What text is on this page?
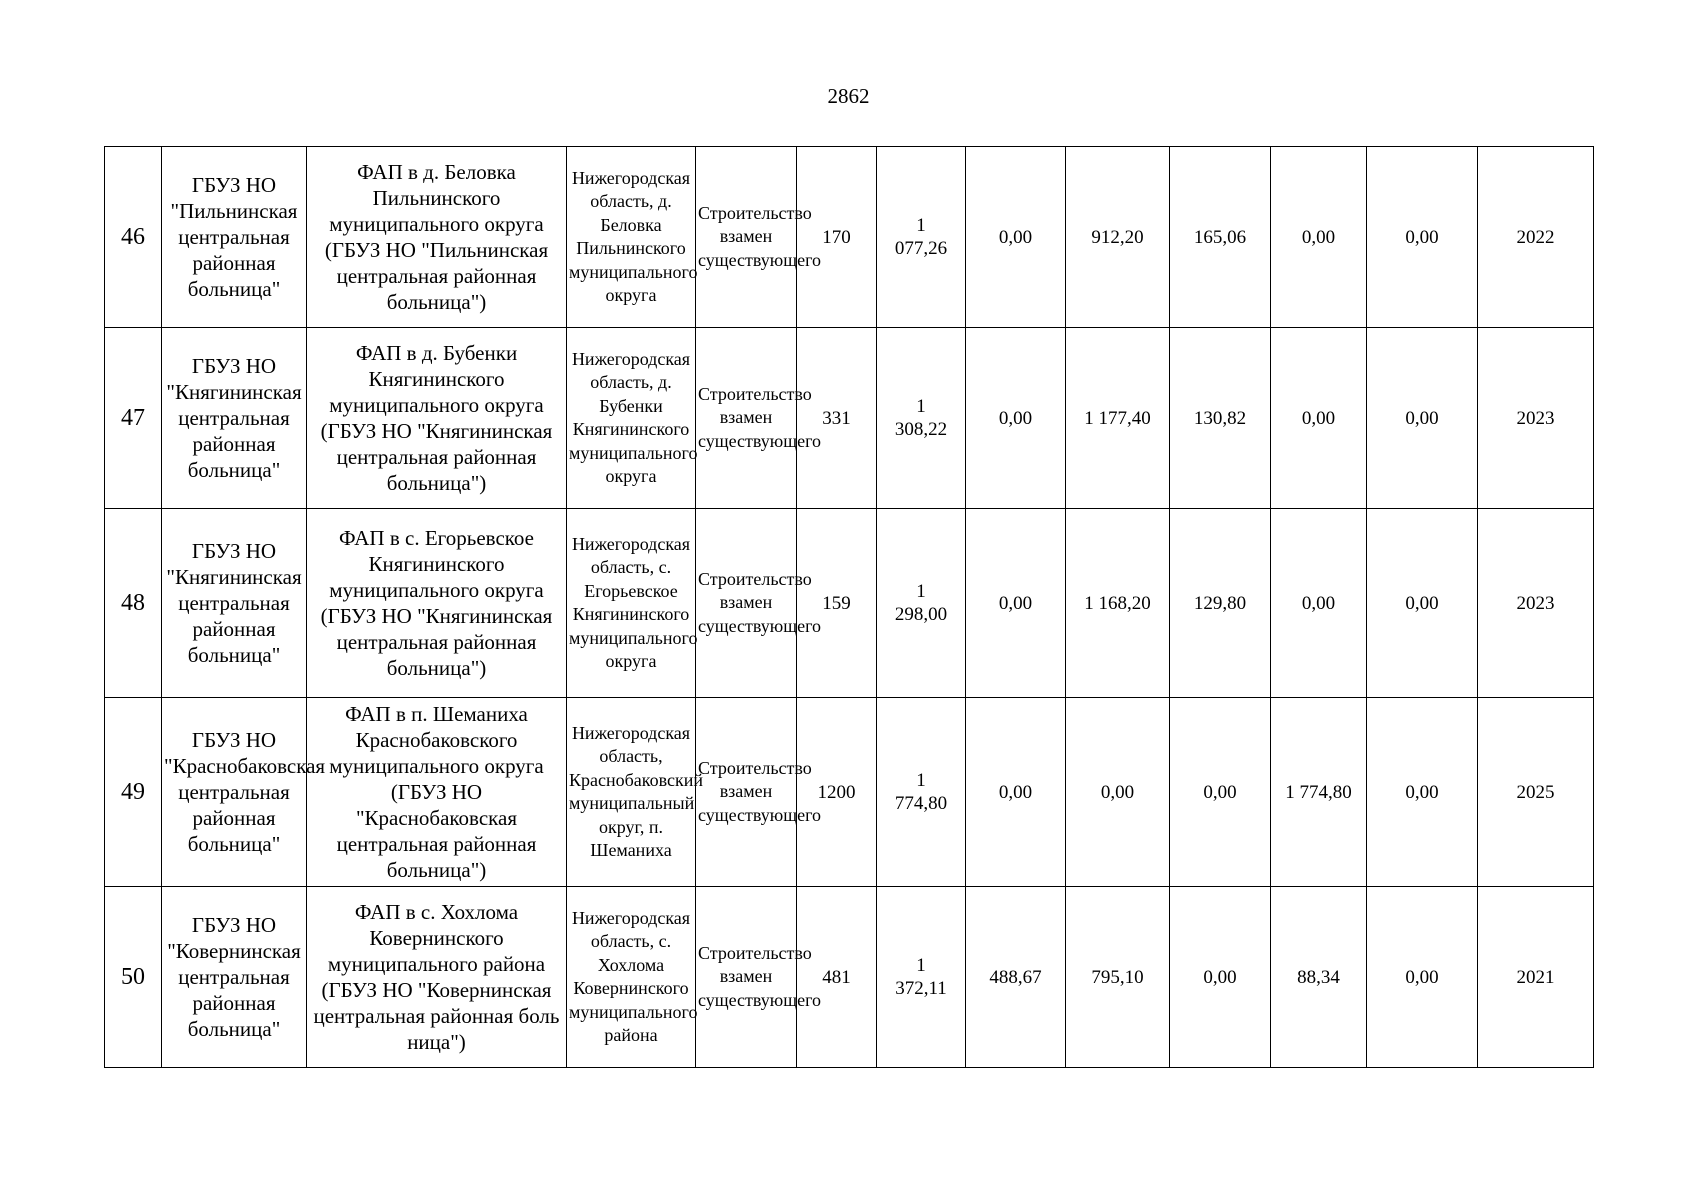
2862
46	ГБУЗ НО "Пильнинская центральная районная больница"	ФАП в д. Беловка Пильнинского муниципального округа (ГБУЗ НО "Пильнинская центральная районная больница")	Нижегородская область, д. Беловка Пильнинского муниципального округа	Строительство взамен существующего	170	1 077,26	0,00	912,20	165,06	0,00	0,00	2022
47	ГБУЗ НО "Княгининская центральная районная больница"	ФАП в д. Бубенки Княгининского муниципального округа (ГБУЗ НО "Княгининская центральная районная больница")	Нижегородская область, д. Бубенки Княгининского муниципального округа	Строительство взамен существующего	331	1 308,22	0,00	1 177,40	130,82	0,00	0,00	2023
48	ГБУЗ НО "Княгининская центральная районная больница"	ФАП в с. Егорьевское Княгининского муниципального округа (ГБУЗ НО "Княгининская центральная районная больница")	Нижегородская область, с. Егорьевское Княгининского муниципального округа	Строительство взамен существующего	159	1 298,00	0,00	1 168,20	129,80	0,00	0,00	2023
49	ГБУЗ НО "Краснобаковская центральная районная больница"	ФАП в п. Шеманиха Краснобаковского муниципального округа (ГБУЗ НО "Краснобаковская центральная районная больница")	Нижегородская область, Краснобаковский муниципальный округ, п. Шеманиха	Строительство взамен существующего	1200	1 774,80	0,00	0,00	0,00	1 774,80	0,00	2025
50	ГБУЗ НО "Ковернинская центральная районная больница"	ФАП в с. Хохлома Ковернинского муниципального района (ГБУЗ НО "Ковернинская центральная районная боль ница")	Нижегородская область, с. Хохлома Ковернинского муниципального района	Строительство взамен существующего	481	1 372,11	488,67	795,10	0,00	88,34	0,00	2021
